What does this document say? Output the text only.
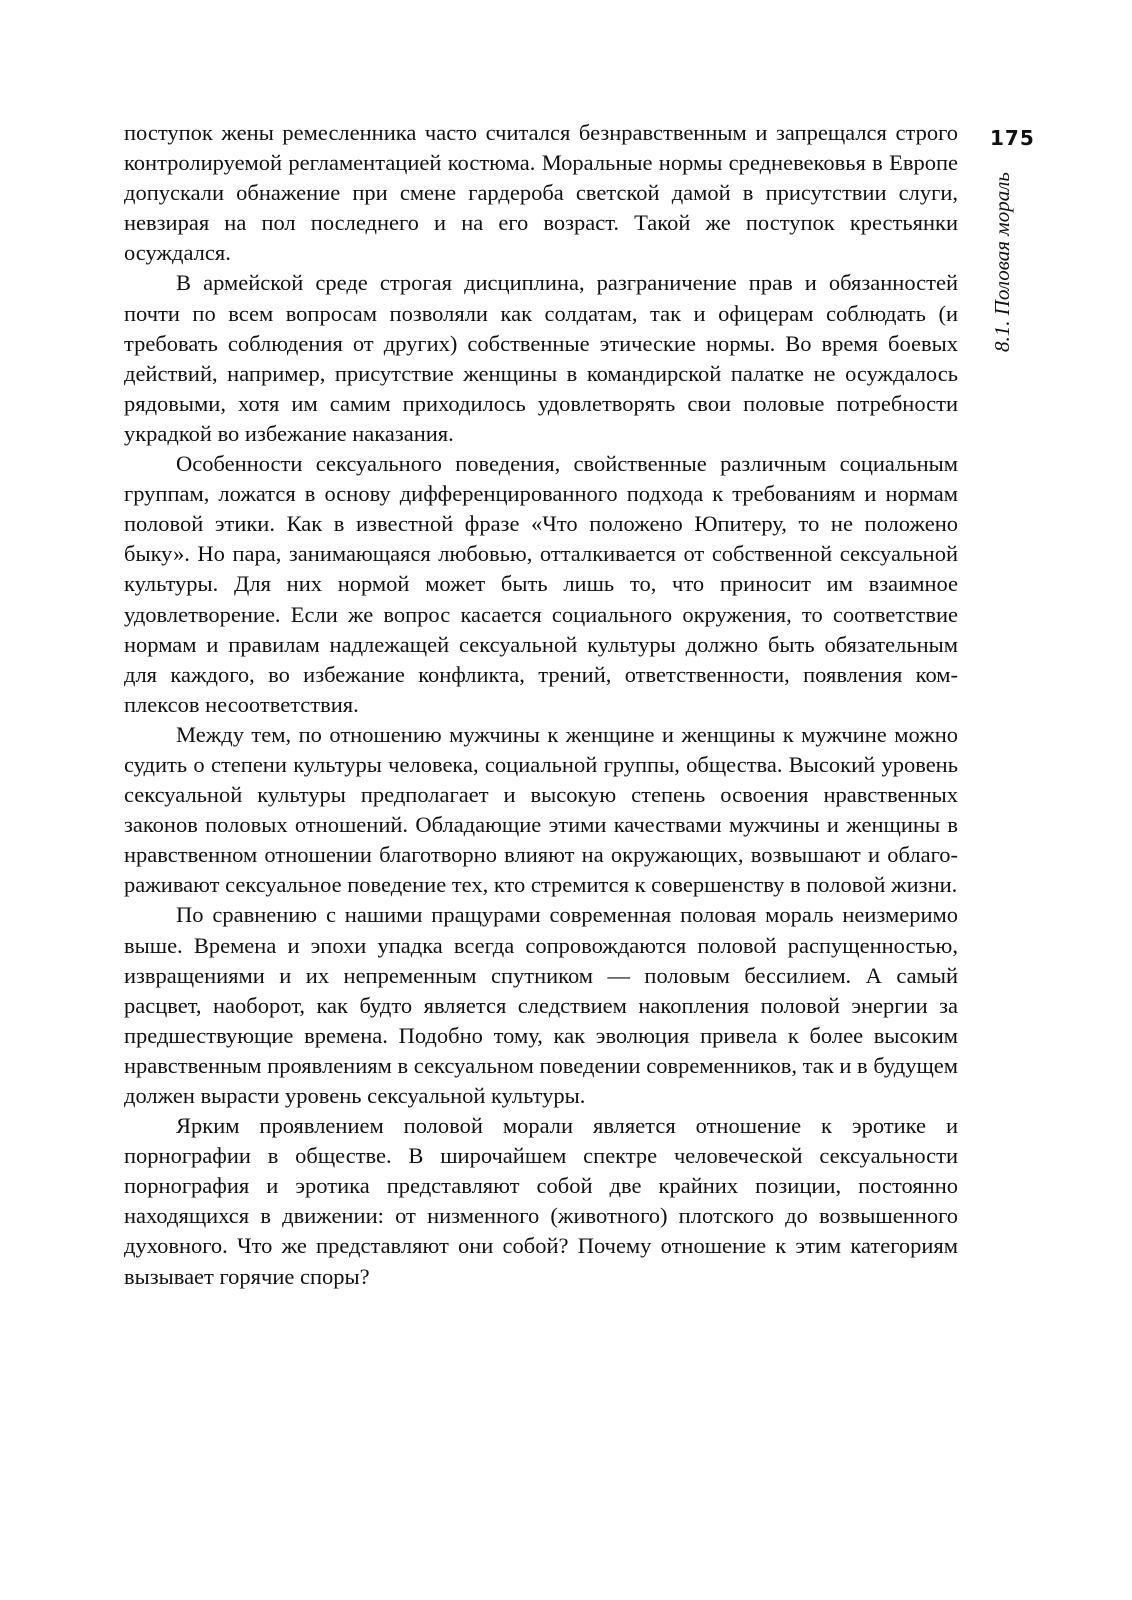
175
8.1. Половая мораль

поступок жены ремесленника часто считался безнравственным и запрещался строго контролируемой регламентацией костюма. Моральные нормы средневековья в Европе допускали обнажение при смене гардероба светской дамой в присутствии слуги, невзирая на пол последнего и на его возраст. Такой же поступок крестьянки осуждался.

В армейской среде строгая дисциплина, разграничение прав и обязанностей почти по всем вопросам позволяли как солдатам, так и офицерам соблюдать (и требовать соблюдения от других) собственные этические нормы. Во время боевых действий, например, присутствие женщины в командирской палатке не осуждалось рядовыми, хотя им самим приходилось удовлетворять свои половые потребности украдкой во избежание наказания.

Особенности сексуального поведения, свойственные различным социальным группам, ложатся в основу дифференцированного подхода к требованиям и нормам половой этики. Как в известной фразе «Что положено Юпитеру, то не положено быку». Но пара, занимающаяся любовью, отталкивается от собственной сексуальной культуры. Для них нормой может быть лишь то, что приносит им взаимное удовлетворение. Если же вопрос касается социального окружения, то соответствие нормам и правилам надлежащей сексуальной культуры должно быть обязательным для каждого, во избежание конфликта, трений, ответственности, появления комплексов несоответствия.

Между тем, по отношению мужчины к женщине и женщины к мужчине можно судить о степени культуры человека, социальной группы, общества. Высокий уровень сексуальной культуры предполагает и высокую степень освоения нравственных законов половых отношений. Обладающие этими качествами мужчины и женщины в нравственном отношении благотворно влияют на окружающих, возвышают и облагораживают сексуальное поведение тех, кто стремится к совершенству в половой жизни.

По сравнению с нашими пращурами современная половая мораль неизмеримо выше. Времена и эпохи упадка всегда сопровождаются половой распущенностью, извращениями и их непременным спутником — половым бессилием. А самый расцвет, наоборот, как будто является следствием накопления половой энергии за предшествующие времена. Подобно тому, как эволюция привела к более высоким нравственным проявлениям в сексуальном поведении современников, так и в будущем должен вырасти уровень сексуальной культуры.

Ярким проявлением половой морали является отношение к эротике и порнографии в обществе. В широчайшем спектре человеческой сексуальности порнография и эротика представляют собой две крайних позиции, постоянно находящихся в движении: от низменного (животного) плотского до возвышенного духовного. Что же представляют они собой? Почему отношение к этим категориям вызывает горячие споры?
